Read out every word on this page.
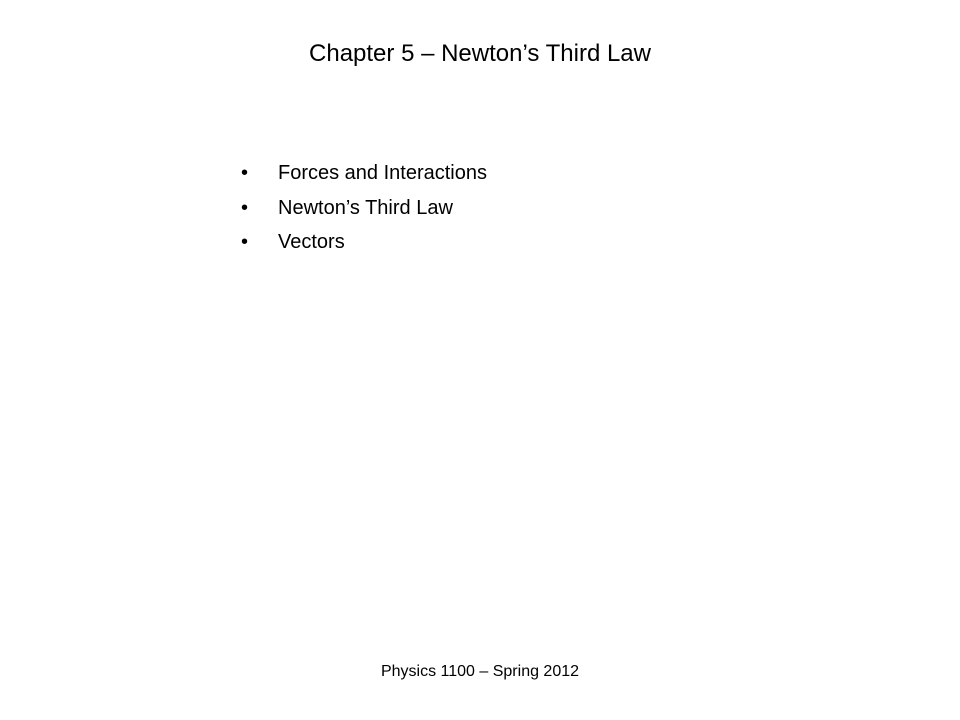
Chapter 5 – Newton’s Third Law
•	Forces and Interactions
•	Newton’s Third Law
•	Vectors
Physics 1100 – Spring 2012
